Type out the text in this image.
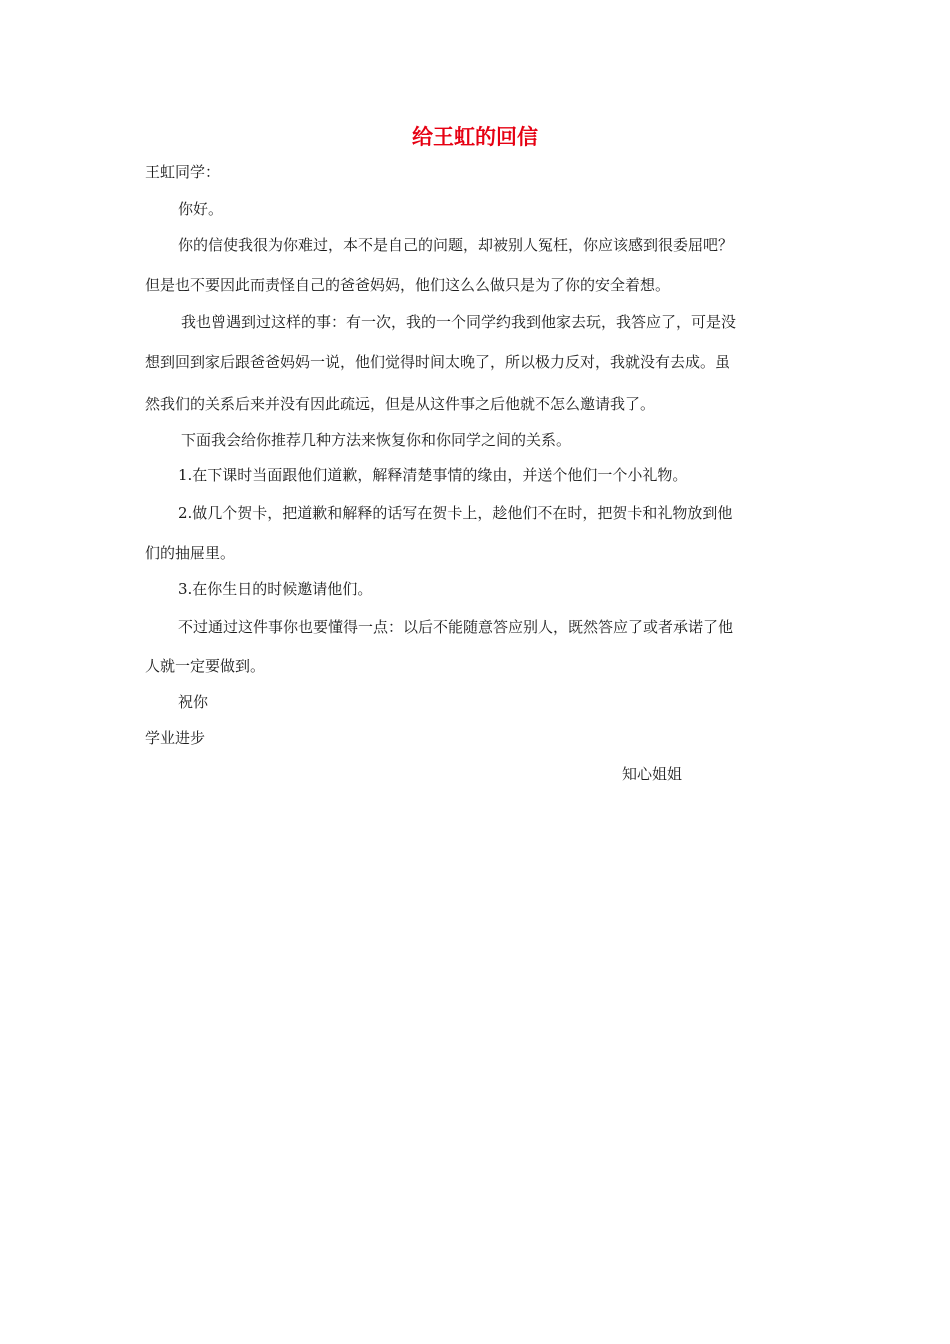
给王虹的回信
王虹同学：
你好。
你的信使我很为你难过，本不是自己的问题，却被别人冤枉，你应该感到很委屈吧？
但是也不要因此而责怪自己的爸爸妈妈，他们这么么做只是为了你的安全着想。
我也曾遇到过这样的事：有一次，我的一个同学约我到他家去玩，我答应了，可是没
想到回到家后跟爸爸妈妈一说，他们觉得时间太晚了，所以极力反对，我就没有去成。虽
然我们的关系后来并没有因此疏远，但是从这件事之后他就不怎么邀请我了。
下面我会给你推荐几种方法来恢复你和你同学之间的关系。
1.在下课时当面跟他们道歉，解释清楚事情的缘由，并送个他们一个小礼物。
2.做几个贺卡，把道歉和解释的话写在贺卡上，趁他们不在时，把贺卡和礼物放到他
们的抽屉里。
3.在你生日的时候邀请他们。
不过通过这件事你也要懂得一点：以后不能随意答应别人，既然答应了或者承诺了他
人就一定要做到。
祝你
学业进步
知心姐姐
